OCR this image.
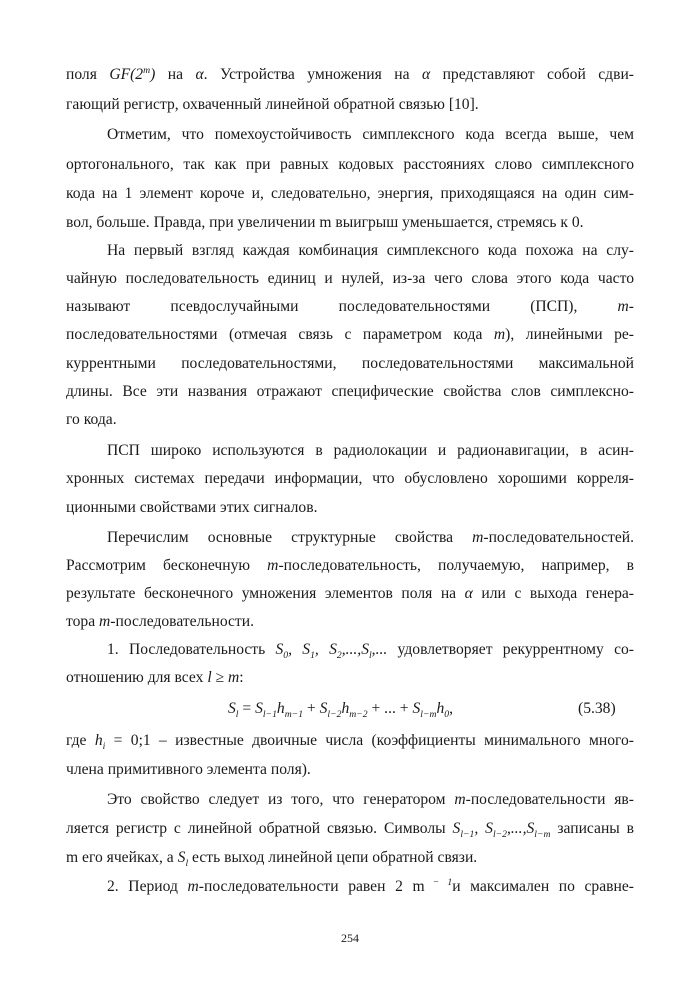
поля GF(2$^m$) на α. Устройства умножения на α представляют собой сдви-
гающий регистр, охваченный линейной обратной связью [10].
Отметим, что помехоустойчивость симплексного кода всегда выше, чем
ортогонального, так как при равных кодовых расстояниях слово симплексного
кода на 1 элемент короче и, следовательно, энергия, приходящаяся на один сим-
вол, больше. Правда, при увеличении m выигрыш уменьшается, стремясь к 0.
На первый взгляд каждая комбинация симплексного кода похожа на слу-
чайную последовательность единиц и нулей, из-за чего слова этого кода часто
называют	псевдослучайными	последовательностями	(ПСП),	m-
последовательностями (отмечая связь с параметром кода m), линейными ре-
куррентными последовательностями, последовательностями максимальной
длины. Все эти названия отражают специфические свойства слов симплексно-
го кода.
ПСП широко используются в радиолокации и радионавигации, в асин-
хронных системах передачи информации, что обусловлено хорошими корреля-
ционными свойствами этих сигналов.
Перечислим основные структурные свойства m-последовательностей.
Рассмотрим бесконечную m-последовательность, получаемую, например, в
результате бесконечного умножения элементов поля на α или с выхода генера-
тора m-последовательности.
1. Последовательность $S_0$, $S_1$, $S_2,...,S_l$,... удовлетворяет рекуррентному со-
отношению для всех l ≥ m:
$S_l = S_{l-1}h_{m-1} + S_{l-2}h_{m-2}$ + ... + $S_{l-m}h_0$,	(5.38)
где $h_i$ = 0;1 – известные двоичные числа (коэффициенты минимального много-
члена примитивного элемента поля).
Это свойство следует из того, что генератором m-последовательности яв-
ляется регистр с линейной обратной связью. Символы $S_{l-1}$, $S_{l-2},...,S_{l-m}$ записаны в
m его ячейках, а $S_l$ есть выход линейной цепи обратной связи.
2. Период m-последовательности равен 2 m $^{- 1}$и максимален по сравне-
254
